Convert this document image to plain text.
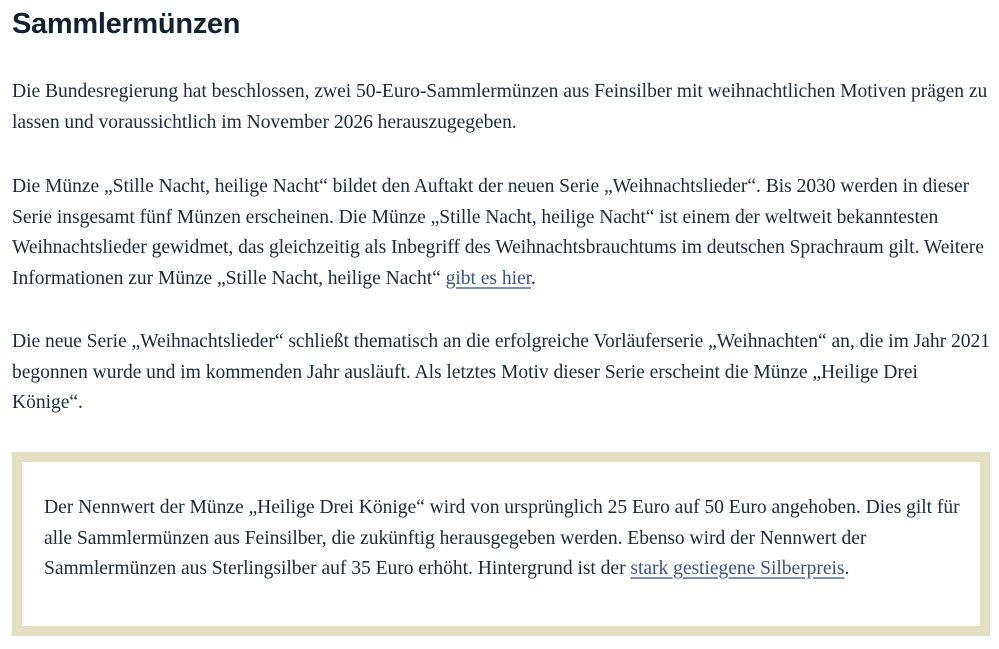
Sammlermünzen

Die Bundesregierung hat beschlossen, zwei 50-Euro-Sammlermünzen aus Feinsilber mit weihnachtlichen Motiven prägen zu lassen und voraussichtlich im November 2026 herauszugegeben.

Die Münze „Stille Nacht, heilige Nacht“ bildet den Auftakt der neuen Serie „Weihnachtslieder“. Bis 2030 werden in dieser Serie insgesamt fünf Münzen erscheinen. Die Münze „Stille Nacht, heilige Nacht“ ist einem der weltweit bekanntesten Weihnachtslieder gewidmet, das gleichzeitig als Inbegriff des Weihnachtsbrauchtums im deutschen Sprachraum gilt. Weitere Informationen zur Münze „Stille Nacht, heilige Nacht“ gibt es hier.

Die neue Serie „Weihnachtslieder“ schließt thematisch an die erfolgreiche Vorläuferserie „Weihnachten“ an, die im Jahr 2021 begonnen wurde und im kommenden Jahr ausläuft. Als letztes Motiv dieser Serie erscheint die Münze „Heilige Drei Könige“.

Der Nennwert der Münze „Heilige Drei Könige“ wird von ursprünglich 25 Euro auf 50 Euro angehoben. Dies gilt für alle Sammlermünzen aus Feinsilber, die zukünftig herausgegeben werden. Ebenso wird der Nennwert der Sammlermünzen aus Sterlingsilber auf 35 Euro erhöht. Hintergrund ist der stark gestiegene Silberpreis.
